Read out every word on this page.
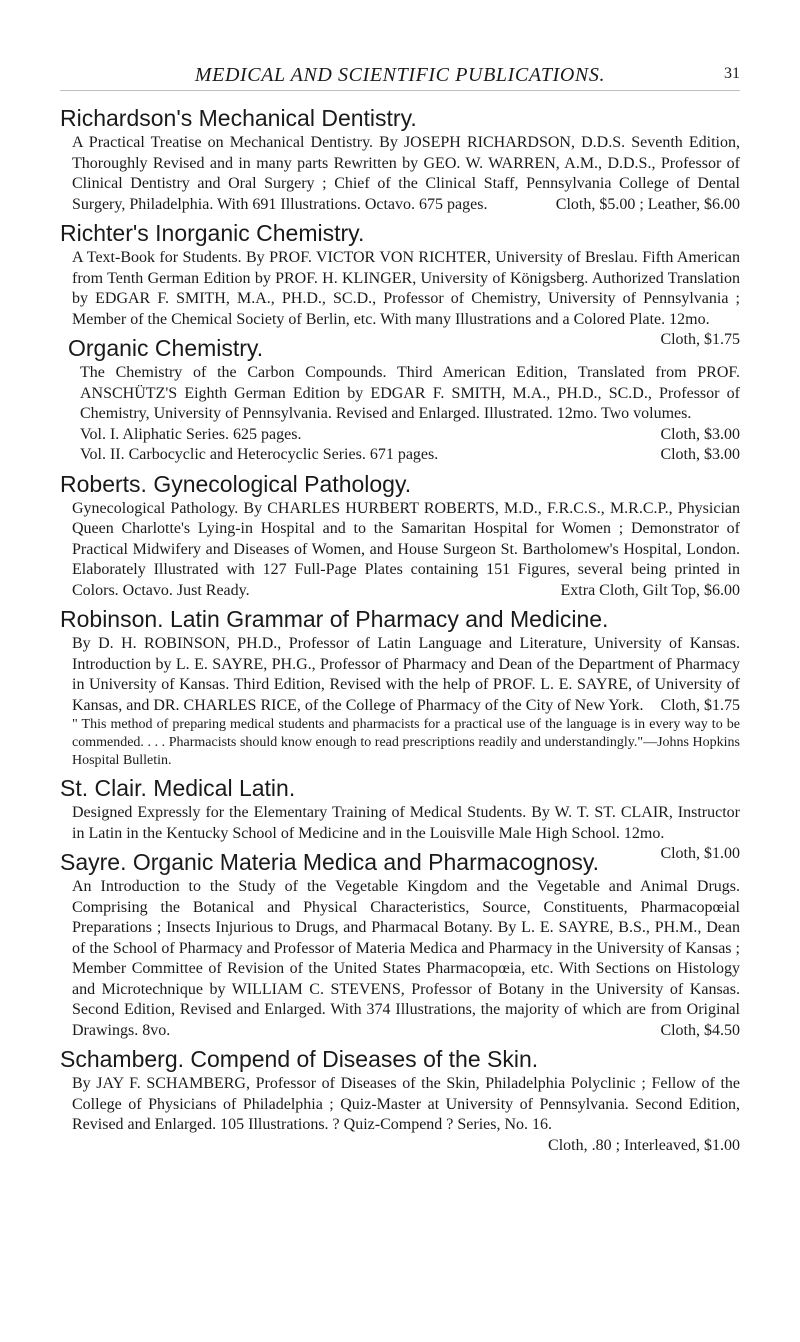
MEDICAL AND SCIENTIFIC PUBLICATIONS.	31
Richardson's Mechanical Dentistry.

A Practical Treatise on Mechanical Dentistry. By JOSEPH RICHARDSON, D.D.S. Seventh Edition, Thoroughly Revised and in many parts Rewritten by GEO. W. WARREN, A.M., D.D.S., Professor of Clinical Dentistry and Oral Surgery ; Chief of the Clinical Staff, Pennsylvania College of Dental Surgery, Philadelphia. With 691 Illustrations. Octavo. 675 pages.	Cloth, $5.00 ; Leather, $6.00

Richter's Inorganic Chemistry.

A Text-Book for Students. By PROF. VICTOR VON RICHTER, University of Breslau. Fifth American from Tenth German Edition by PROF. H. KLINGER, University of Königsberg. Authorized Translation by EDGAR F. SMITH, M.A., PH.D., SC.D., Professor of Chemistry, University of Pennsylvania ; Member of the Chemical Society of Berlin, etc. With many Illustrations and a Colored Plate. 12mo.
Cloth, $1.75

Organic Chemistry.

The Chemistry of the Carbon Compounds. Third American Edition, Translated from PROF. ANSCHÜTZ'S Eighth German Edition by EDGAR F. SMITH, M.A., PH.D., SC.D., Professor of Chemistry, University of Pennsylvania. Revised and Enlarged. Illustrated. 12mo. Two volumes.

Vol. I. Aliphatic Series. 625 pages.	Cloth, $3.00
Vol. II. Carbocyclic and Heterocyclic Series. 671 pages.	Cloth, $3.00
Roberts. Gynecological Pathology.

Gynecological Pathology. By CHARLES HURBERT ROBERTS, M.D., F.R.C.S., M.R.C.P., Physician Queen Charlotte's Lying-in Hospital and to the Samaritan Hospital for Women ; Demonstrator of Practical Midwifery and Diseases of Women, and House Surgeon St. Bartholomew's Hospital, London. Elaborately Illustrated with 127 Full-Page Plates containing 151 Figures, several being printed in Colors. Octavo. Just Ready.	Extra Cloth, Gilt Top, $6.00

Robinson. Latin Grammar of Pharmacy and Medicine.

By D. H. ROBINSON, PH.D., Professor of Latin Language and Literature, University of Kansas. Introduction by L. E. SAYRE, PH.G., Professor of Pharmacy and Dean of the Department of Pharmacy in University of Kansas. Third Edition, Revised with the help of PROF. L. E. SAYRE, of University of Kansas, and DR. CHARLES RICE, of the College of Pharmacy of the City of New York. Cloth, $1.75

" This method of preparing medical students and pharmacists for a practical use of the language is in every way to be commended. . . . Pharmacists should know enough to read prescriptions readily and understandingly."—Johns Hopkins Hospital Bulletin.

St. Clair. Medical Latin.

Designed Expressly for the Elementary Training of Medical Students. By W. T. ST. CLAIR, Instructor in Latin in the Kentucky School of Medicine and in the Louisville Male High School. 12mo.
Cloth, $1.00

Sayre. Organic Materia Medica and Pharmacognosy.

An Introduction to the Study of the Vegetable Kingdom and the Vegetable and Animal Drugs. Comprising the Botanical and Physical Characteristics, Source, Constituents, Pharmacopœial Preparations ; Insects Injurious to Drugs, and Pharmacal Botany. By L. E. SAYRE, B.S., PH.M., Dean of the School of Pharmacy and Professor of Materia Medica and Pharmacy in the University of Kansas ; Member Committee of Revision of the United States Pharmacopœia, etc. With Sections on Histology and Microtechnique by WILLIAM C. STEVENS, Professor of Botany in the University of Kansas. Second Edition, Revised and Enlarged. With 374 Illustrations, the majority of which are from Original Drawings. 8vo.	Cloth, $4.50

Schamberg. Compend of Diseases of the Skin.

By JAY F. SCHAMBERG, Professor of Diseases of the Skin, Philadelphia Polyclinic ; Fellow of the College of Physicians of Philadelphia ; Quiz-Master at University of Pennsylvania. Second Edition, Revised and Enlarged. 105 Illustrations. ? Quiz-Compend ? Series, No. 16.
Cloth, .80 ; Interleaved, $1.00
